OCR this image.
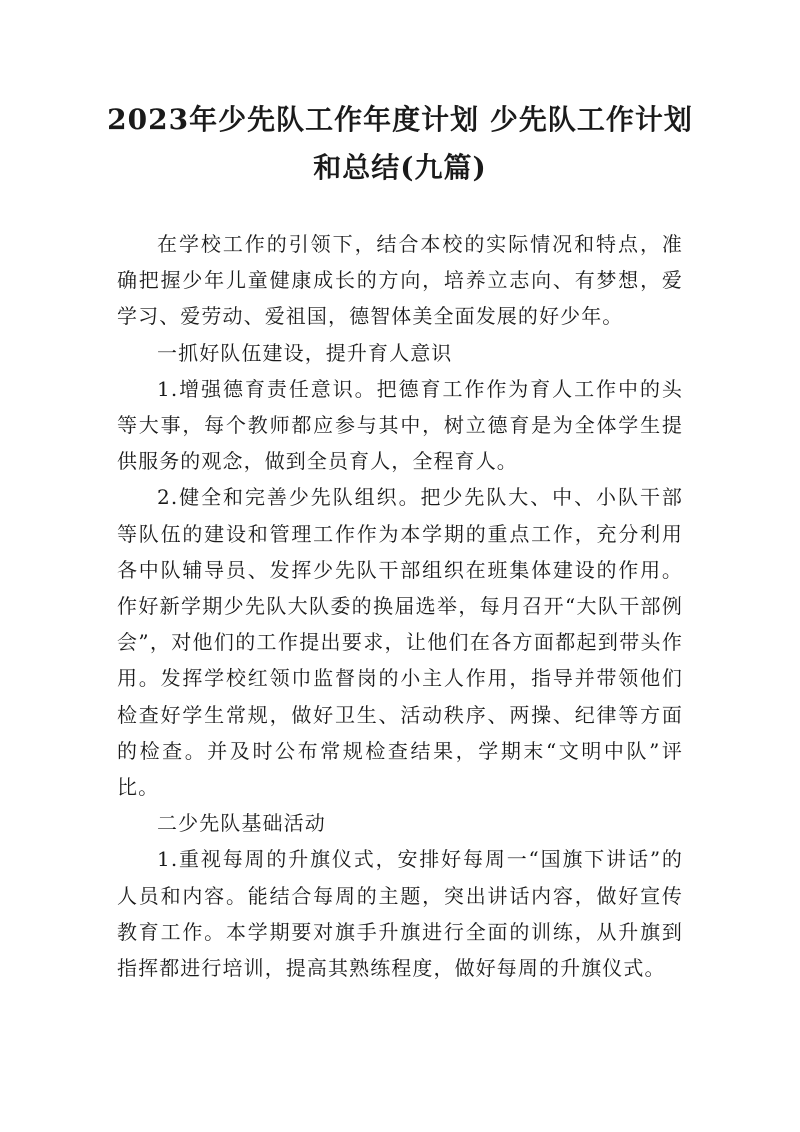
2023年少先队工作年度计划 少先队工作计划和总结(九篇)

在学校工作的引领下，结合本校的实际情况和特点，准确把握少年儿童健康成长的方向，培养立志向、有梦想，爱学习、爱劳动、爱祖国，德智体美全面发展的好少年。

一抓好队伍建设，提升育人意识

1.增强德育责任意识。把德育工作作为育人工作中的头等大事，每个教师都应参与其中，树立德育是为全体学生提供服务的观念，做到全员育人，全程育人。

2.健全和完善少先队组织。把少先队大、中、小队干部等队伍的建设和管理工作作为本学期的重点工作，充分利用各中队辅导员、发挥少先队干部组织在班集体建设的作用。作好新学期少先队大队委的换届选举，每月召开“大队干部例会”，对他们的工作提出要求，让他们在各方面都起到带头作用。发挥学校红领巾监督岗的小主人作用，指导并带领他们检查好学生常规，做好卫生、活动秩序、两操、纪律等方面的检查。并及时公布常规检查结果，学期末“文明中队”评比。

二少先队基础活动

1.重视每周的升旗仪式，安排好每周一“国旗下讲话”的人员和内容。能结合每周的主题，突出讲话内容，做好宣传教育工作。本学期要对旗手升旗进行全面的训练，从升旗到指挥都进行培训，提高其熟练程度，做好每周的升旗仪式。
